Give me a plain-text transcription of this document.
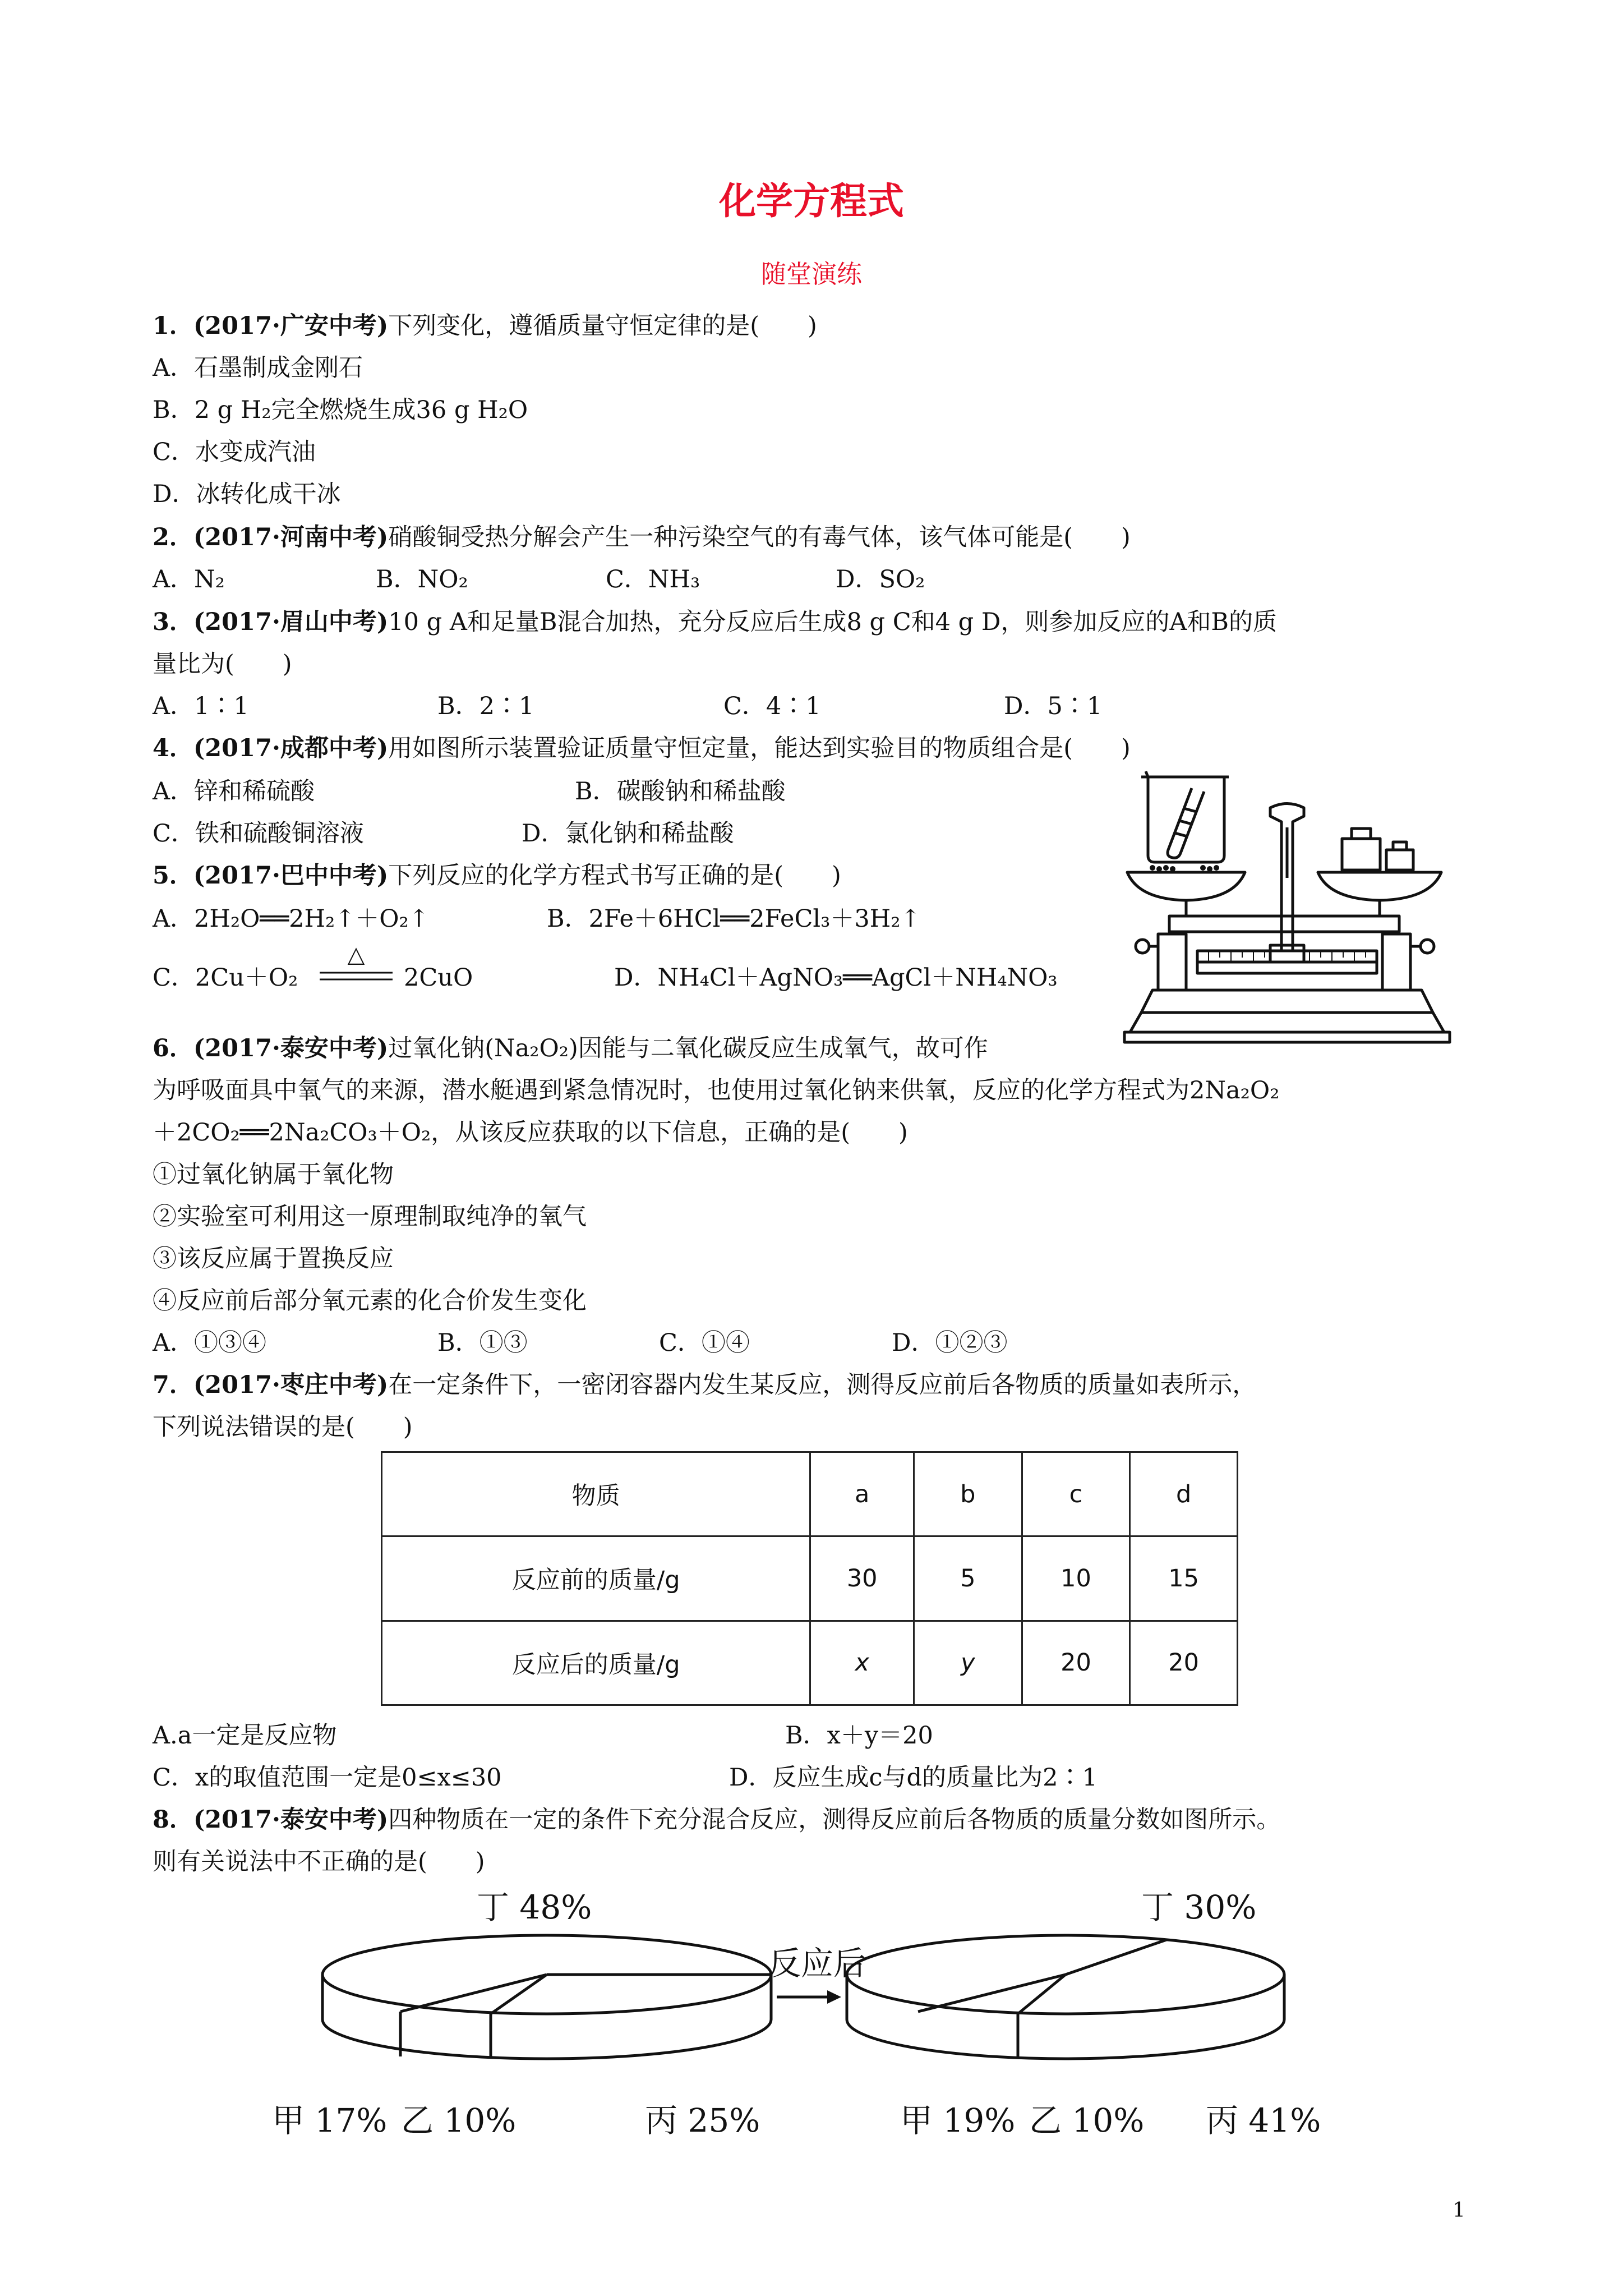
化学方程式
随堂演练
1．(2017·广安中考)下列变化，遵循质量守恒定律的是(　　)
A．石墨制成金刚石
B．2 g H₂完全燃烧生成36 g H₂O
C．水变成汽油
D．冰转化成干冰
2．(2017·河南中考)硝酸铜受热分解会产生一种污染空气的有毒气体，该气体可能是(　　)
A．N₂	B．NO₂	C．NH₃	D．SO₂
3．(2017·眉山中考)10 g A和足量B混合加热，充分反应后生成8 g C和4 g D，则参加反应的A和B的质
量比为(　　)
A．1∶1	B．2∶1	C．4∶1	D．5∶1
4．(2017·成都中考)用如图所示装置验证质量守恒定量，能达到实验目的物质组合是(　　)
A．锌和稀硫酸	B．碳酸钠和稀盐酸
C．铁和硫酸铜溶液	D．氯化钠和稀盐酸
5．(2017·巴中中考)下列反应的化学方程式书写正确的是(　　)
A．2H₂O══2H₂↑＋O₂↑	B．2Fe＋6HCl══2FeCl₃＋3H₂↑
C．2Cu＋O₂
△
2CuO	D．NH₄Cl＋AgNO₃══AgCl＋NH₄NO₃
6．(2017·泰安中考)过氧化钠(Na₂O₂)因能与二氧化碳反应生成氧气，故可作
为呼吸面具中氧气的来源，潜水艇遇到紧急情况时，也使用过氧化钠来供氧，反应的化学方程式为2Na₂O₂
＋2CO₂══2Na₂CO₃＋O₂，从该反应获取的以下信息，正确的是(　　)
①过氧化钠属于氧化物
②实验室可利用这一原理制取纯净的氧气
③该反应属于置换反应
④反应前后部分氧元素的化合价发生变化
A．①③④	B．①③	C．①④	D．①②③
7．(2017·枣庄中考)在一定条件下，一密闭容器内发生某反应，测得反应前后各物质的质量如表所示，
下列说法错误的是(　　)
物质	a	b	c	d
反应前的质量/g	30	5	10	15
反应后的质量/g	x	y	20	20
A.a一定是反应物	B．x＋y＝20
C．x的取值范围一定是0≤x≤30	D．反应生成c与d的质量比为2∶1
8．(2017·泰安中考)四种物质在一定的条件下充分混合反应，测得反应前后各物质的质量分数如图所示。
则有关说法中不正确的是(　　)
丁 48%
甲 17% 乙 10%	丙 25%
反应后
丁 30%
甲 19% 乙 10% 丙 41%
1
